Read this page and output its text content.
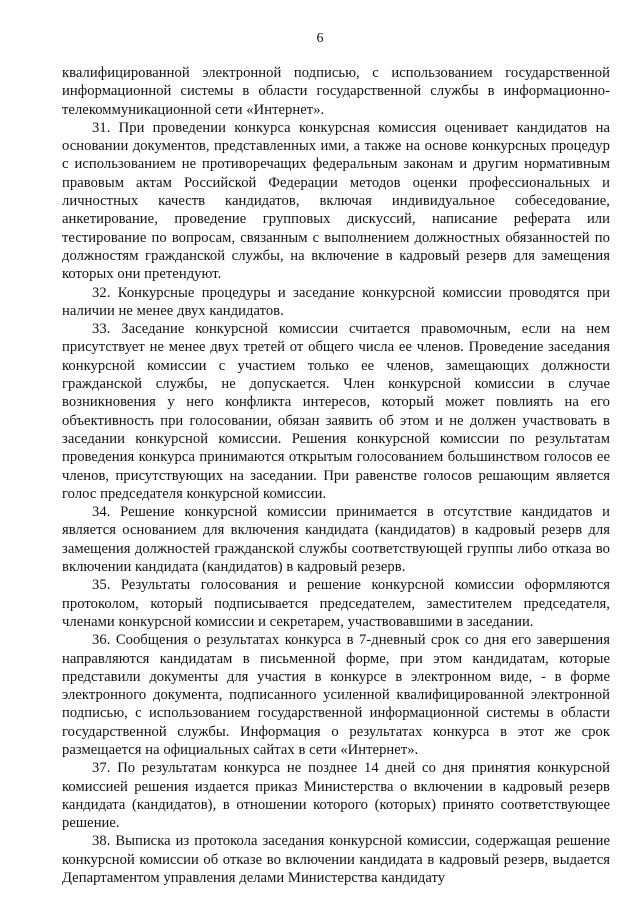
6

квалифицированной электронной подписью, с использованием государственной информационной системы в области государственной службы в информационно-телекоммуникационной сети «Интернет».

31. При проведении конкурса конкурсная комиссия оценивает кандидатов на основании документов, представленных ими, а также на основе конкурсных процедур с использованием не противоречащих федеральным законам и другим нормативным правовым актам Российской Федерации методов оценки профессиональных и личностных качеств кандидатов, включая индивидуальное собеседование, анкетирование, проведение групповых дискуссий, написание реферата или тестирование по вопросам, связанным с выполнением должностных обязанностей по должностям гражданской службы, на включение в кадровый резерв для замещения которых они претендуют.

32. Конкурсные процедуры и заседание конкурсной комиссии проводятся при наличии не менее двух кандидатов.

33. Заседание конкурсной комиссии считается правомочным, если на нем присутствует не менее двух третей от общего числа ее членов. Проведение заседания конкурсной комиссии с участием только ее членов, замещающих должности гражданской службы, не допускается. Член конкурсной комиссии в случае возникновения у него конфликта интересов, который может повлиять на его объективность при голосовании, обязан заявить об этом и не должен участвовать в заседании конкурсной комиссии. Решения конкурсной комиссии по результатам проведения конкурса принимаются открытым голосованием большинством голосов ее членов, присутствующих на заседании. При равенстве голосов решающим является голос председателя конкурсной комиссии.

34. Решение конкурсной комиссии принимается в отсутствие кандидатов и является основанием для включения кандидата (кандидатов) в кадровый резерв для замещения должностей гражданской службы соответствующей группы либо отказа во включении кандидата (кандидатов) в кадровый резерв.

35. Результаты голосования и решение конкурсной комиссии оформляются протоколом, который подписывается председателем, заместителем председателя, членами конкурсной комиссии и секретарем, участвовавшими в заседании.

36. Сообщения о результатах конкурса в 7-дневный срок со дня его завершения направляются кандидатам в письменной форме, при этом кандидатам, которые представили документы для участия в конкурсе в электронном виде, - в форме электронного документа, подписанного усиленной квалифицированной электронной подписью, с использованием государственной информационной системы в области государственной службы. Информация о результатах конкурса в этот же срок размещается на официальных сайтах в сети «Интернет».

37. По результатам конкурса не позднее 14 дней со дня принятия конкурсной комиссией решения издается приказ Министерства о включении в кадровый резерв кандидата (кандидатов), в отношении которого (которых) принято соответствующее решение.

38. Выписка из протокола заседания конкурсной комиссии, содержащая решение конкурсной комиссии об отказе во включении кандидата в кадровый резерв, выдается Департаментом управления делами Министерства кандидату
